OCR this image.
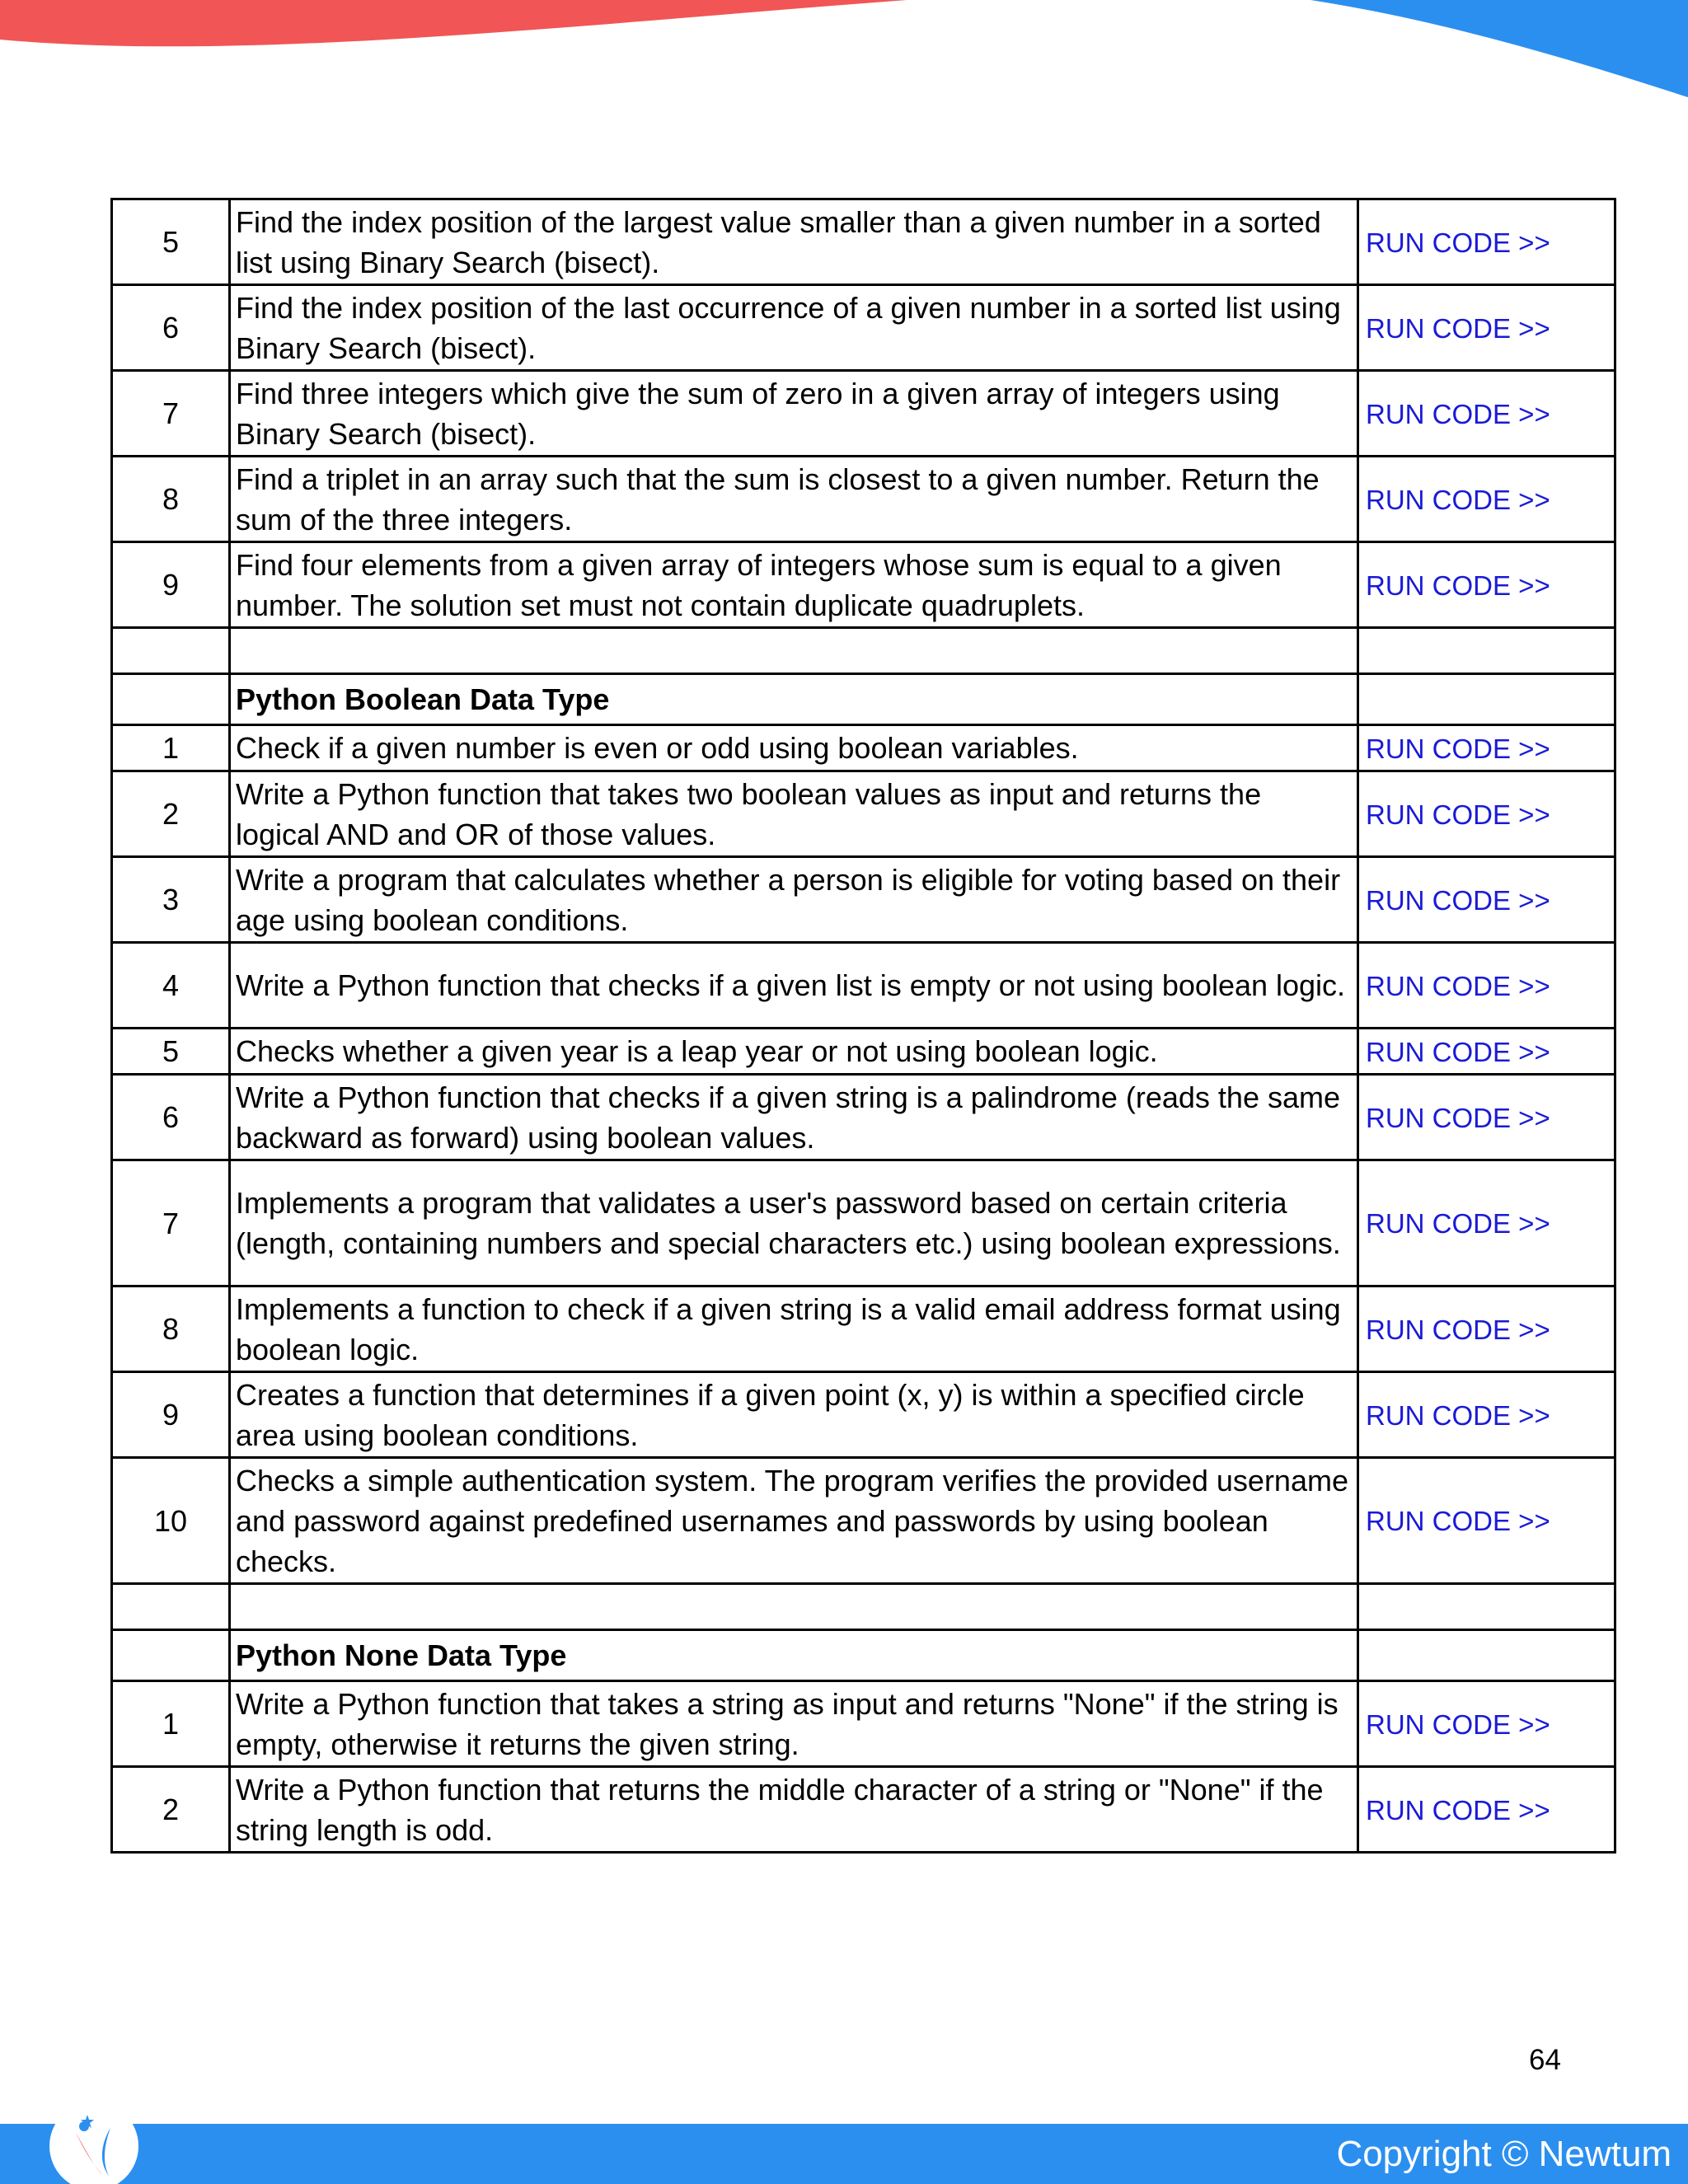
5	Find the index position of the largest value smaller than a given number in a sorted list using Binary Search (bisect).	RUN CODE >>
6	Find the index position of the last occurrence of a given number in a sorted list using Binary Search (bisect).	RUN CODE >>
7	Find three integers which give the sum of zero in a given array of integers using Binary Search (bisect).	RUN CODE >>
8	Find a triplet in an array such that the sum is closest to a given number. Return the sum of the three integers.	RUN CODE >>
9	Find four elements from a given array of integers whose sum is equal to a given number. The solution set must not contain duplicate quadruplets.	RUN CODE >>

	Python Boolean Data Type	
1	Check if a given number is even or odd using boolean variables.	RUN CODE >>
2	Write a Python function that takes two boolean values as input and returns the logical AND and OR of those values.	RUN CODE >>
3	Write a program that calculates whether a person is eligible for voting based on their age using boolean conditions.	RUN CODE >>
4	Write a Python function that checks if a given list is empty or not using boolean logic.	RUN CODE >>
5	Checks whether a given year is a leap year or not using boolean logic.	RUN CODE >>
6	Write a Python function that checks if a given string is a palindrome (reads the same backward as forward) using boolean values.	RUN CODE >>
7	Implements a program that validates a user's password based on certain criteria (length, containing numbers and special characters etc.) using boolean expressions.	RUN CODE >>
8	Implements a function to check if a given string is a valid email address format using boolean logic.	RUN CODE >>
9	Creates a function that determines if a given point (x, y) is within a specified circle area using boolean conditions.	RUN CODE >>
10	Checks a simple authentication system. The program verifies the provided username and password against predefined usernames and passwords by using boolean checks.	RUN CODE >>

	Python None Data Type	
1	Write a Python function that takes a string as input and returns "None" if the string is empty, otherwise it returns the given string.	RUN CODE >>
2	Write a Python function that returns the middle character of a string or "None" if the string length is odd.	RUN CODE >>
64
Copyright © Newtum
